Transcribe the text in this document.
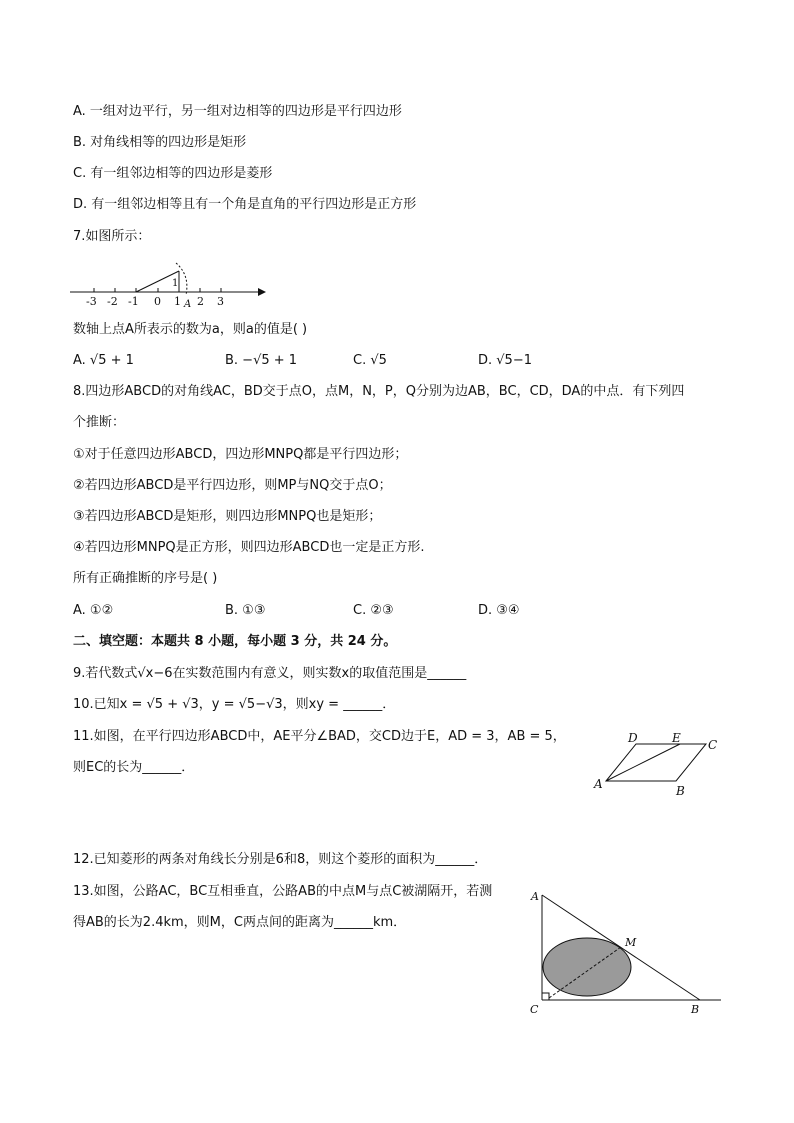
A. 一组对边平行，另一组对边相等的四边形是平行四边形
B. 对角线相等的四边形是矩形
C. 有一组邻边相等的四边形是菱形
D. 有一组邻边相等且有一个角是直角的平行四边形是正方形
7.如图所示：
1
-3 -2 -1 0 1 2 3
A
数轴上点A所表示的数为a，则a的值是( )
A. √5 + 1	B. −√5 + 1	C. √5	D. √5−1
8.四边形ABCD的对角线AC，BD交于点O，点M，N，P，Q分别为边AB，BC，CD，DA的中点．有下列四
个推断：
①对于任意四边形ABCD，四边形MNPQ都是平行四边形；
②若四边形ABCD是平行四边形，则MP与NQ交于点O；
③若四边形ABCD是矩形，则四边形MNPQ也是矩形；
④若四边形MNPQ是正方形，则四边形ABCD也一定是正方形.
所有正确推断的序号是( )
A. ①②	B. ①③	C. ②③	D. ③④
二、填空题：本题共 8 小题，每小题 3 分，共 24 分。
9.若代数式√x−6在实数范围内有意义，则实数x的取值范围是______
10.已知x = √5 + √3，y = √5−√3，则xy = ______．
11.如图，在平行四边形ABCD中，AE平分∠BAD，交CD边于E，AD = 3，AB = 5，
则EC的长为______．
D	E C
A	B
12.已知菱形的两条对角线长分别是6和8，则这个菱形的面积为______．
13.如图，公路AC，BC互相垂直，公路AB的中点M与点C被湖隔开，若测
得AB的长为2.4km，则M，C两点间的距离为______km．
A
M
C	B
